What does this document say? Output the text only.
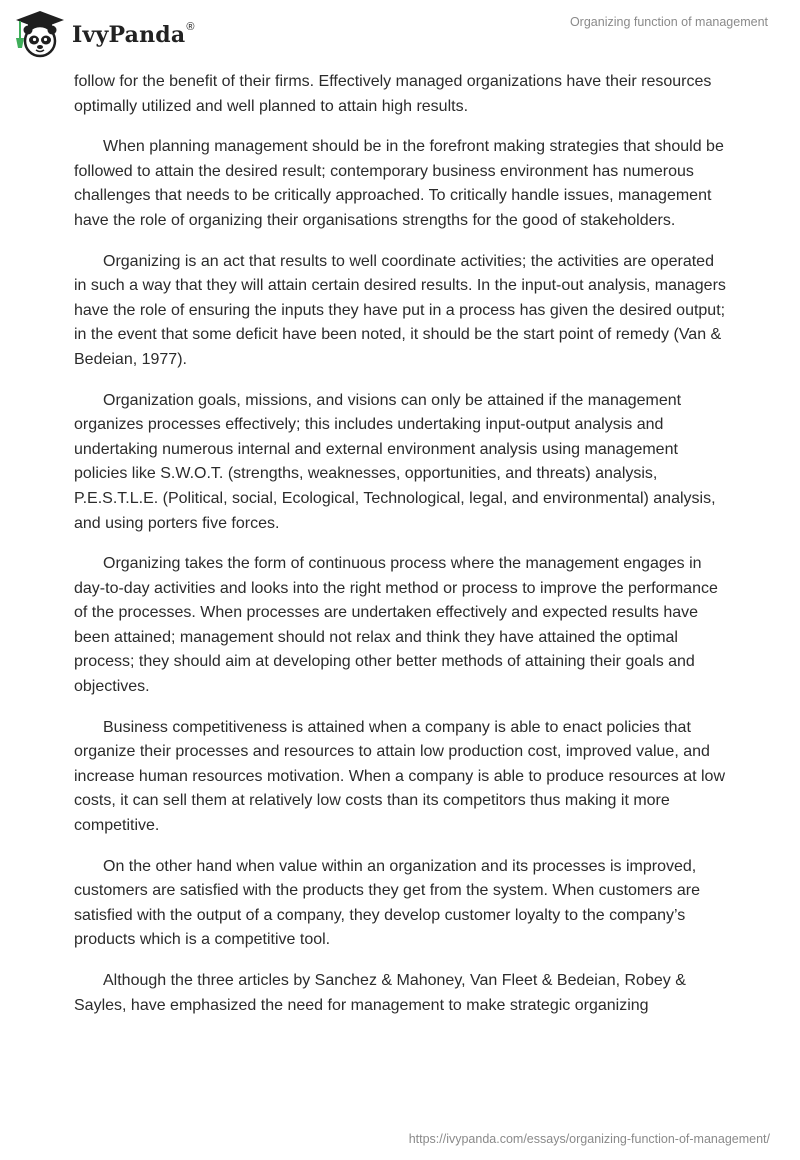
IvyPanda®	Organizing function of management

follow for the benefit of their firms. Effectively managed organizations have their resources optimally utilized and well planned to attain high results.

When planning management should be in the forefront making strategies that should be followed to attain the desired result; contemporary business environment has numerous challenges that needs to be critically approached. To critically handle issues, management have the role of organizing their organisations strengths for the good of stakeholders.

Organizing is an act that results to well coordinate activities; the activities are operated in such a way that they will attain certain desired results. In the input-out analysis, managers have the role of ensuring the inputs they have put in a process has given the desired output; in the event that some deficit have been noted, it should be the start point of remedy (Van & Bedeian, 1977).

Organization goals, missions, and visions can only be attained if the management organizes processes effectively; this includes undertaking input-output analysis and undertaking numerous internal and external environment analysis using management policies like S.W.O.T. (strengths, weaknesses, opportunities, and threats) analysis, P.E.S.T.L.E. (Political, social, Ecological, Technological, legal, and environmental) analysis, and using porters five forces.

Organizing takes the form of continuous process where the management engages in day-to-day activities and looks into the right method or process to improve the performance of the processes. When processes are undertaken effectively and expected results have been attained; management should not relax and think they have attained the optimal process; they should aim at developing other better methods of attaining their goals and objectives.

Business competitiveness is attained when a company is able to enact policies that organize their processes and resources to attain low production cost, improved value, and increase human resources motivation. When a company is able to produce resources at low costs, it can sell them at relatively low costs than its competitors thus making it more competitive.

On the other hand when value within an organization and its processes is improved, customers are satisfied with the products they get from the system. When customers are satisfied with the output of a company, they develop customer loyalty to the company’s products which is a competitive tool.

Although the three articles by Sanchez & Mahoney, Van Fleet & Bedeian, Robey & Sayles, have emphasized the need for management to make strategic organizing

https://ivypanda.com/essays/organizing-function-of-management/
